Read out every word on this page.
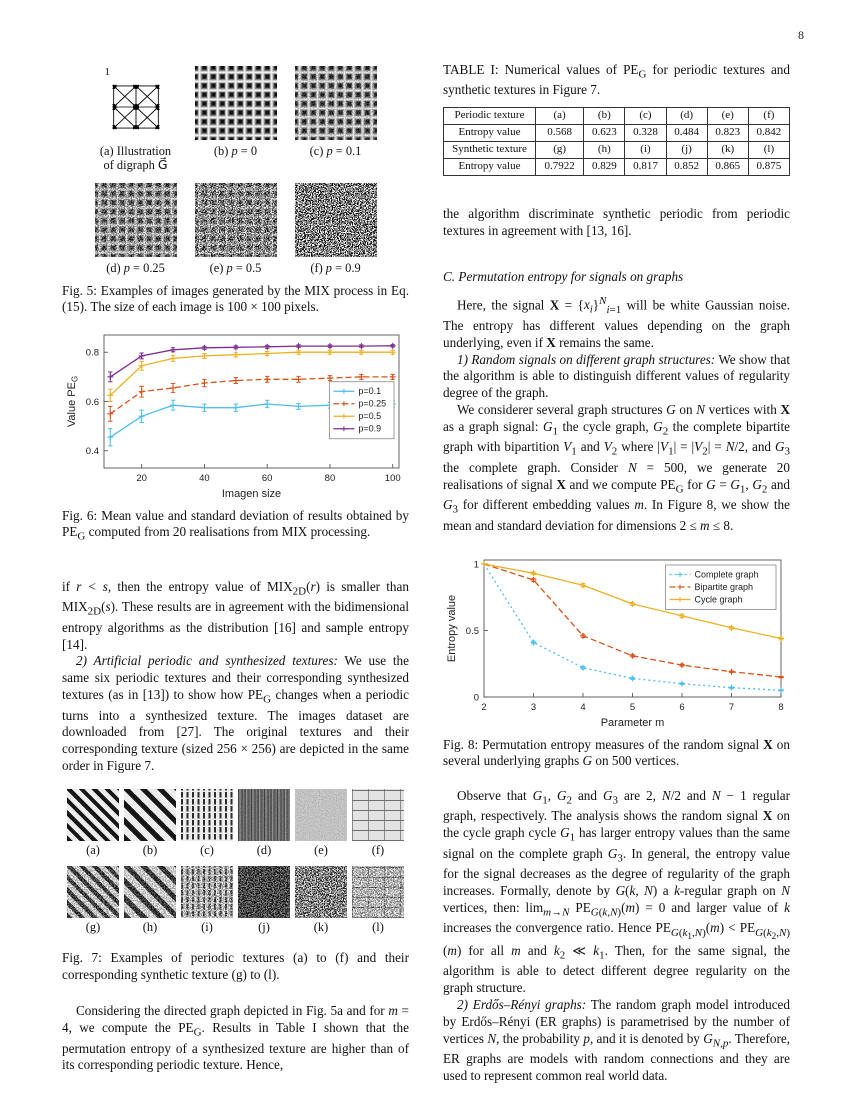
8
1
(a) Illustration of digraph G⃗
(b) p = 0	(c) p = 0.1
(d) p = 0.25	(e) p = 0.5	(f) p = 0.9
Fig. 5: Examples of images generated by the MIX process in Eq. (15). The size of each image is 100 × 100 pixels.
20	40	60	80	100
0.4
0.6
0.8
p=0.1
p=0.25
p=0.5
p=0.9
Imagen size
Value $PE_G$
Fig. 6: Mean value and standard deviation of results obtained by $PE_G$ computed from 20 realisations from MIX processing.

if r < s, then the entropy value of $MIX_{2D}(r)$ is smaller than $MIX_{2D}(s)$. These results are in agreement with the bidimensional entropy algorithms as the distribution [16] and sample entropy [14].

2) Artificial periodic and synthesized textures: We use the same six periodic textures and their corresponding synthesized textures (as in [13]) to show how $PE_G$ changes when a periodic turns into a synthesized texture. The images dataset are downloaded from [27]. The original textures and their corresponding texture (sized 256 × 256) are depicted in the same order in Figure 7.

(a)	(b)	(c)	(d)	(e)	(f)
(g)	(h)	(i)	(j)	(k)	(l)
Fig. 7: Examples of periodic textures (a) to (f) and their corresponding synthetic texture (g) to (l).

Considering the directed graph depicted in Fig. 5a and for m = 4, we compute the $PE_G$. Results in Table I shown that the permutation entropy of a synthesized texture are higher than of its corresponding periodic texture. Hence,

TABLE I: Numerical values of $PE_G$ for periodic textures and synthetic textures in Figure 7.
Periodic texture	(a)	(b)	(c)	(d)	(e)	(f)
Entropy value	0.568	0.623	0.328	0.484	0.823	0.842
Synthetic texture	(g)	(h)	(i)	(j)	(k)	(l)
Entropy value	0.7922	0.829	0.817	0.852	0.865	0.875

the algorithm discriminate synthetic periodic from periodic textures in agreement with [13, 16].

C. Permutation entropy for signals on graphs

Here, the signal $X = \{x_i\}^N_{i=1}$ will be white Gaussian noise. The entropy has different values depending on the graph underlying, even if X remains the same.

1) Random signals on different graph structures: We show that the algorithm is able to distinguish different values of regularity degree of the graph.

We considerer several graph structures G on N vertices with X as a graph signal: $G_1$ the cycle graph, $G_2$ the complete bipartite graph with bipartition $V_1$ and $V_2$ where $|V_1| = |V_2| = N/2$, and $G_3$ the complete graph. Consider N = 500, we generate 20 realisations of signal X and we compute $PE_G$ for $G = G_1$, $G_2$ and $G_3$ for different embedding values m. In Figure 8, we show the mean and standard deviation for dimensions 2 ≤ m ≤ 8.

2	3	4	5	6	7	8
0
0.5
1
Complete graph
Bipartite graph
Cycle graph
Parameter m
Entropy value
Fig. 8: Permutation entropy measures of the random signal X on several underlying graphs G on 500 vertices.

Observe that $G_1$, $G_2$ and $G_3$ are 2, N/2 and N − 1 regular graph, respectively. The analysis shows the random signal X on the cycle graph cycle $G_1$ has larger entropy values than the same signal on the complete graph $G_3$. In general, the entropy value for the signal decreases as the degree of regularity of the graph increases. Formally, denote by G(k, N) a k-regular graph on N vertices, then: $\lim_{m\to N} PE_{G(k,N)}(m) = 0$ and larger value of k increases the convergence ratio. Hence $PE_{G(k_1,N)}(m) < PE_{G(k_2,N)}(m)$ for all m and $k_2$ ≪ $k_1$. Then, for the same signal, the algorithm is able to detect different degree regularity on the graph structure.

2) Erdős–Rényi graphs: The random graph model introduced by Erdős–Rényi (ER graphs) is parametrised by the number of vertices N, the probability p, and it is denoted by $G_{N,p}$. Therefore, ER graphs are models with random connections and they are used to represent common real world data.
